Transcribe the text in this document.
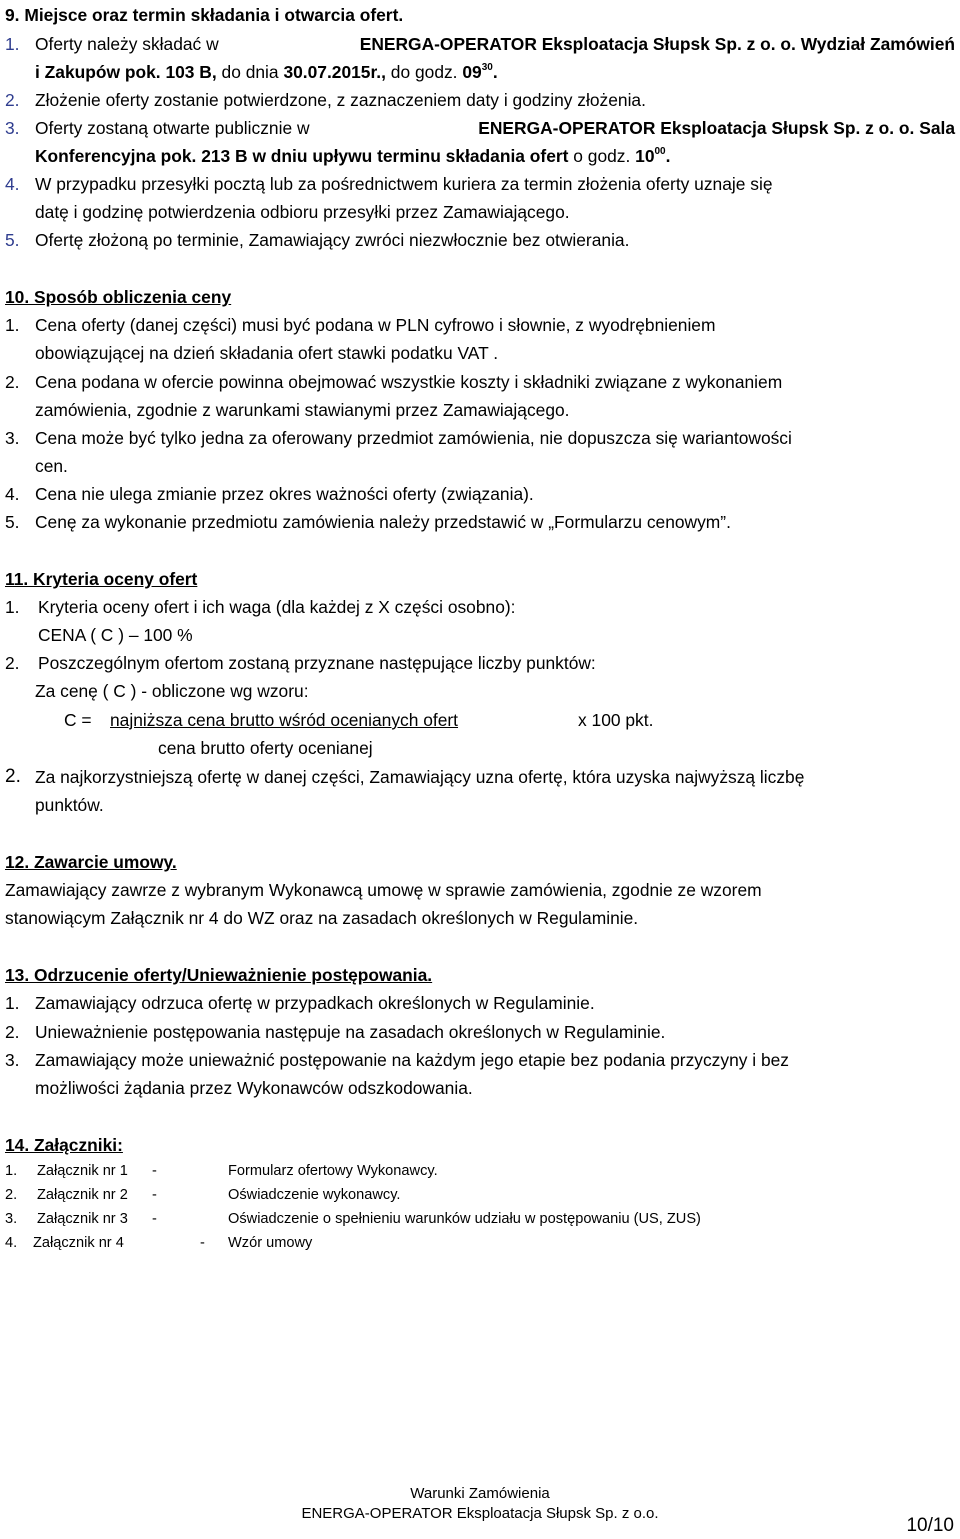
9. Miejsce oraz termin składania i otwarcia ofert.
1. Oferty należy składać w	ENERGA-OPERATOR Eksploatacja Słupsk Sp. z o. o. Wydział Zamówień
i Zakupów pok. 103 B, do dnia 30.07.2015r., do godz. $09^{30}$.
2. Złożenie oferty zostanie potwierdzone, z zaznaczeniem daty i godziny złożenia.
3. Oferty zostaną otwarte publicznie w	ENERGA-OPERATOR Eksploatacja Słupsk Sp. z o. o. Sala
Konferencyjna pok. 213 B w dniu upływu terminu składania ofert o godz. $10^{00}$.
4. W przypadku przesyłki pocztą lub za pośrednictwem kuriera za termin złożenia oferty uznaje się
datę i godzinę potwierdzenia odbioru przesyłki przez Zamawiającego.
5. Ofertę złożoną po terminie, Zamawiający zwróci niezwłocznie bez otwierania.
10. Sposób obliczenia ceny
1. Cena oferty (danej części) musi być podana w PLN cyfrowo i słownie, z wyodrębnieniem
obowiązującej na dzień składania ofert stawki podatku VAT .
2. Cena podana w ofercie powinna obejmować wszystkie koszty i składniki związane z wykonaniem
zamówienia, zgodnie z warunkami stawianymi przez Zamawiającego.
3. Cena może być tylko jedna za oferowany przedmiot zamówienia, nie dopuszcza się wariantowości
cen.
4. Cena nie ulega zmianie przez okres ważności oferty (związania).
5. Cenę za wykonanie przedmiotu zamówienia należy przedstawić w „Formularzu cenowym”.
11. Kryteria oceny ofert
1. Kryteria oceny ofert i ich waga (dla każdej z X części osobno):
CENA ( C ) – 100 %
2. Poszczególnym ofertom zostaną przyznane następujące liczby punktów:
Za cenę ( C ) - obliczone wg wzoru:
C = najniższa cena brutto wśród ocenianych ofert	x 100 pkt.
cena brutto oferty ocenianej
2. Za najkorzystniejszą ofertę w danej części, Zamawiający uzna ofertę, która uzyska najwyższą liczbę
punktów.
12. Zawarcie umowy.
Zamawiający zawrze z wybranym Wykonawcą umowę w sprawie zamówienia, zgodnie ze wzorem
stanowiącym Załącznik nr 4 do WZ oraz na zasadach określonych w Regulaminie.
13. Odrzucenie oferty/Unieważnienie postępowania.
1. Zamawiający odrzuca ofertę w przypadkach określonych w Regulaminie.
2. Unieważnienie postępowania następuje na zasadach określonych w Regulaminie.
3. Zamawiający może unieważnić postępowanie na każdym jego etapie bez podania przyczyny i bez
możliwości żądania przez Wykonawców odszkodowania.
14. Załączniki:
1. Załącznik nr 1 -	Formularz ofertowy Wykonawcy.
2. Załącznik nr 2 -	Oświadczenie wykonawcy.
3. Załącznik nr 3 -	Oświadczenie o spełnieniu warunków udziału w postępowaniu (US, ZUS)
4. Załącznik nr 4	- Wzór umowy
Warunki Zamówienia
ENERGA-OPERATOR Eksploatacja Słupsk Sp. z o.o.
10/10
